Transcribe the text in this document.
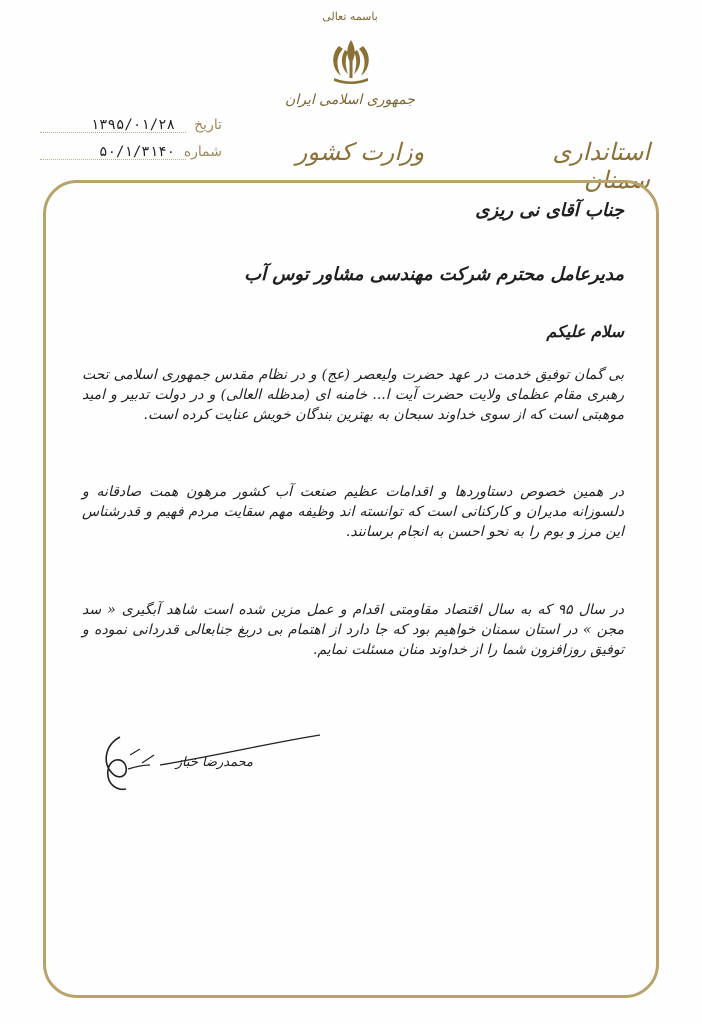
باسمه تعالی
جمهوری اسلامی ایران
وزارت کشور	استانداری سمنان
تاریخ
۱۳۹۵/۰۱/۲۸
شماره
۵۰/۱/۳۱۴۰
جناب آقای نی ریزی
مدیرعامل محترم شرکت مهندسی مشاور توس آب
سلام علیکم
بی گمان توفیق خدمت در عهد حضرت ولیعصر (عج) و در نظام مقدس جمهوری اسلامی تحت رهبری مقام عظمای ولایت حضرت آیت ا... خامنه ای (مدظله العالی) و در دولت تدبیر و امید موهبتی است که از سوی خداوند سبحان به بهترین بندگان خویش عنایت کرده است.
در همین خصوص دستاوردها و اقدامات عظیم صنعت آب کشور مرهون همت صادقانه و دلسوزانه مدیران و کارکنانی است که توانسته اند وظیفه مهم سقایت مردم فهیم و قدرشناس این مرز و بوم را به نحو احسن به انجام برسانند.
در سال ۹۵ که به سال اقتصاد مقاومتی اقدام و عمل مزین شده است شاهد آبگیری « سد مجن » در استان سمنان خواهیم بود که جا دارد از اهتمام بی دریغ جنابعالی قدردانی نموده و توفیق روزافزون شما را از خداوند منان مسئلت نمایم.
محمدرضا خباز
